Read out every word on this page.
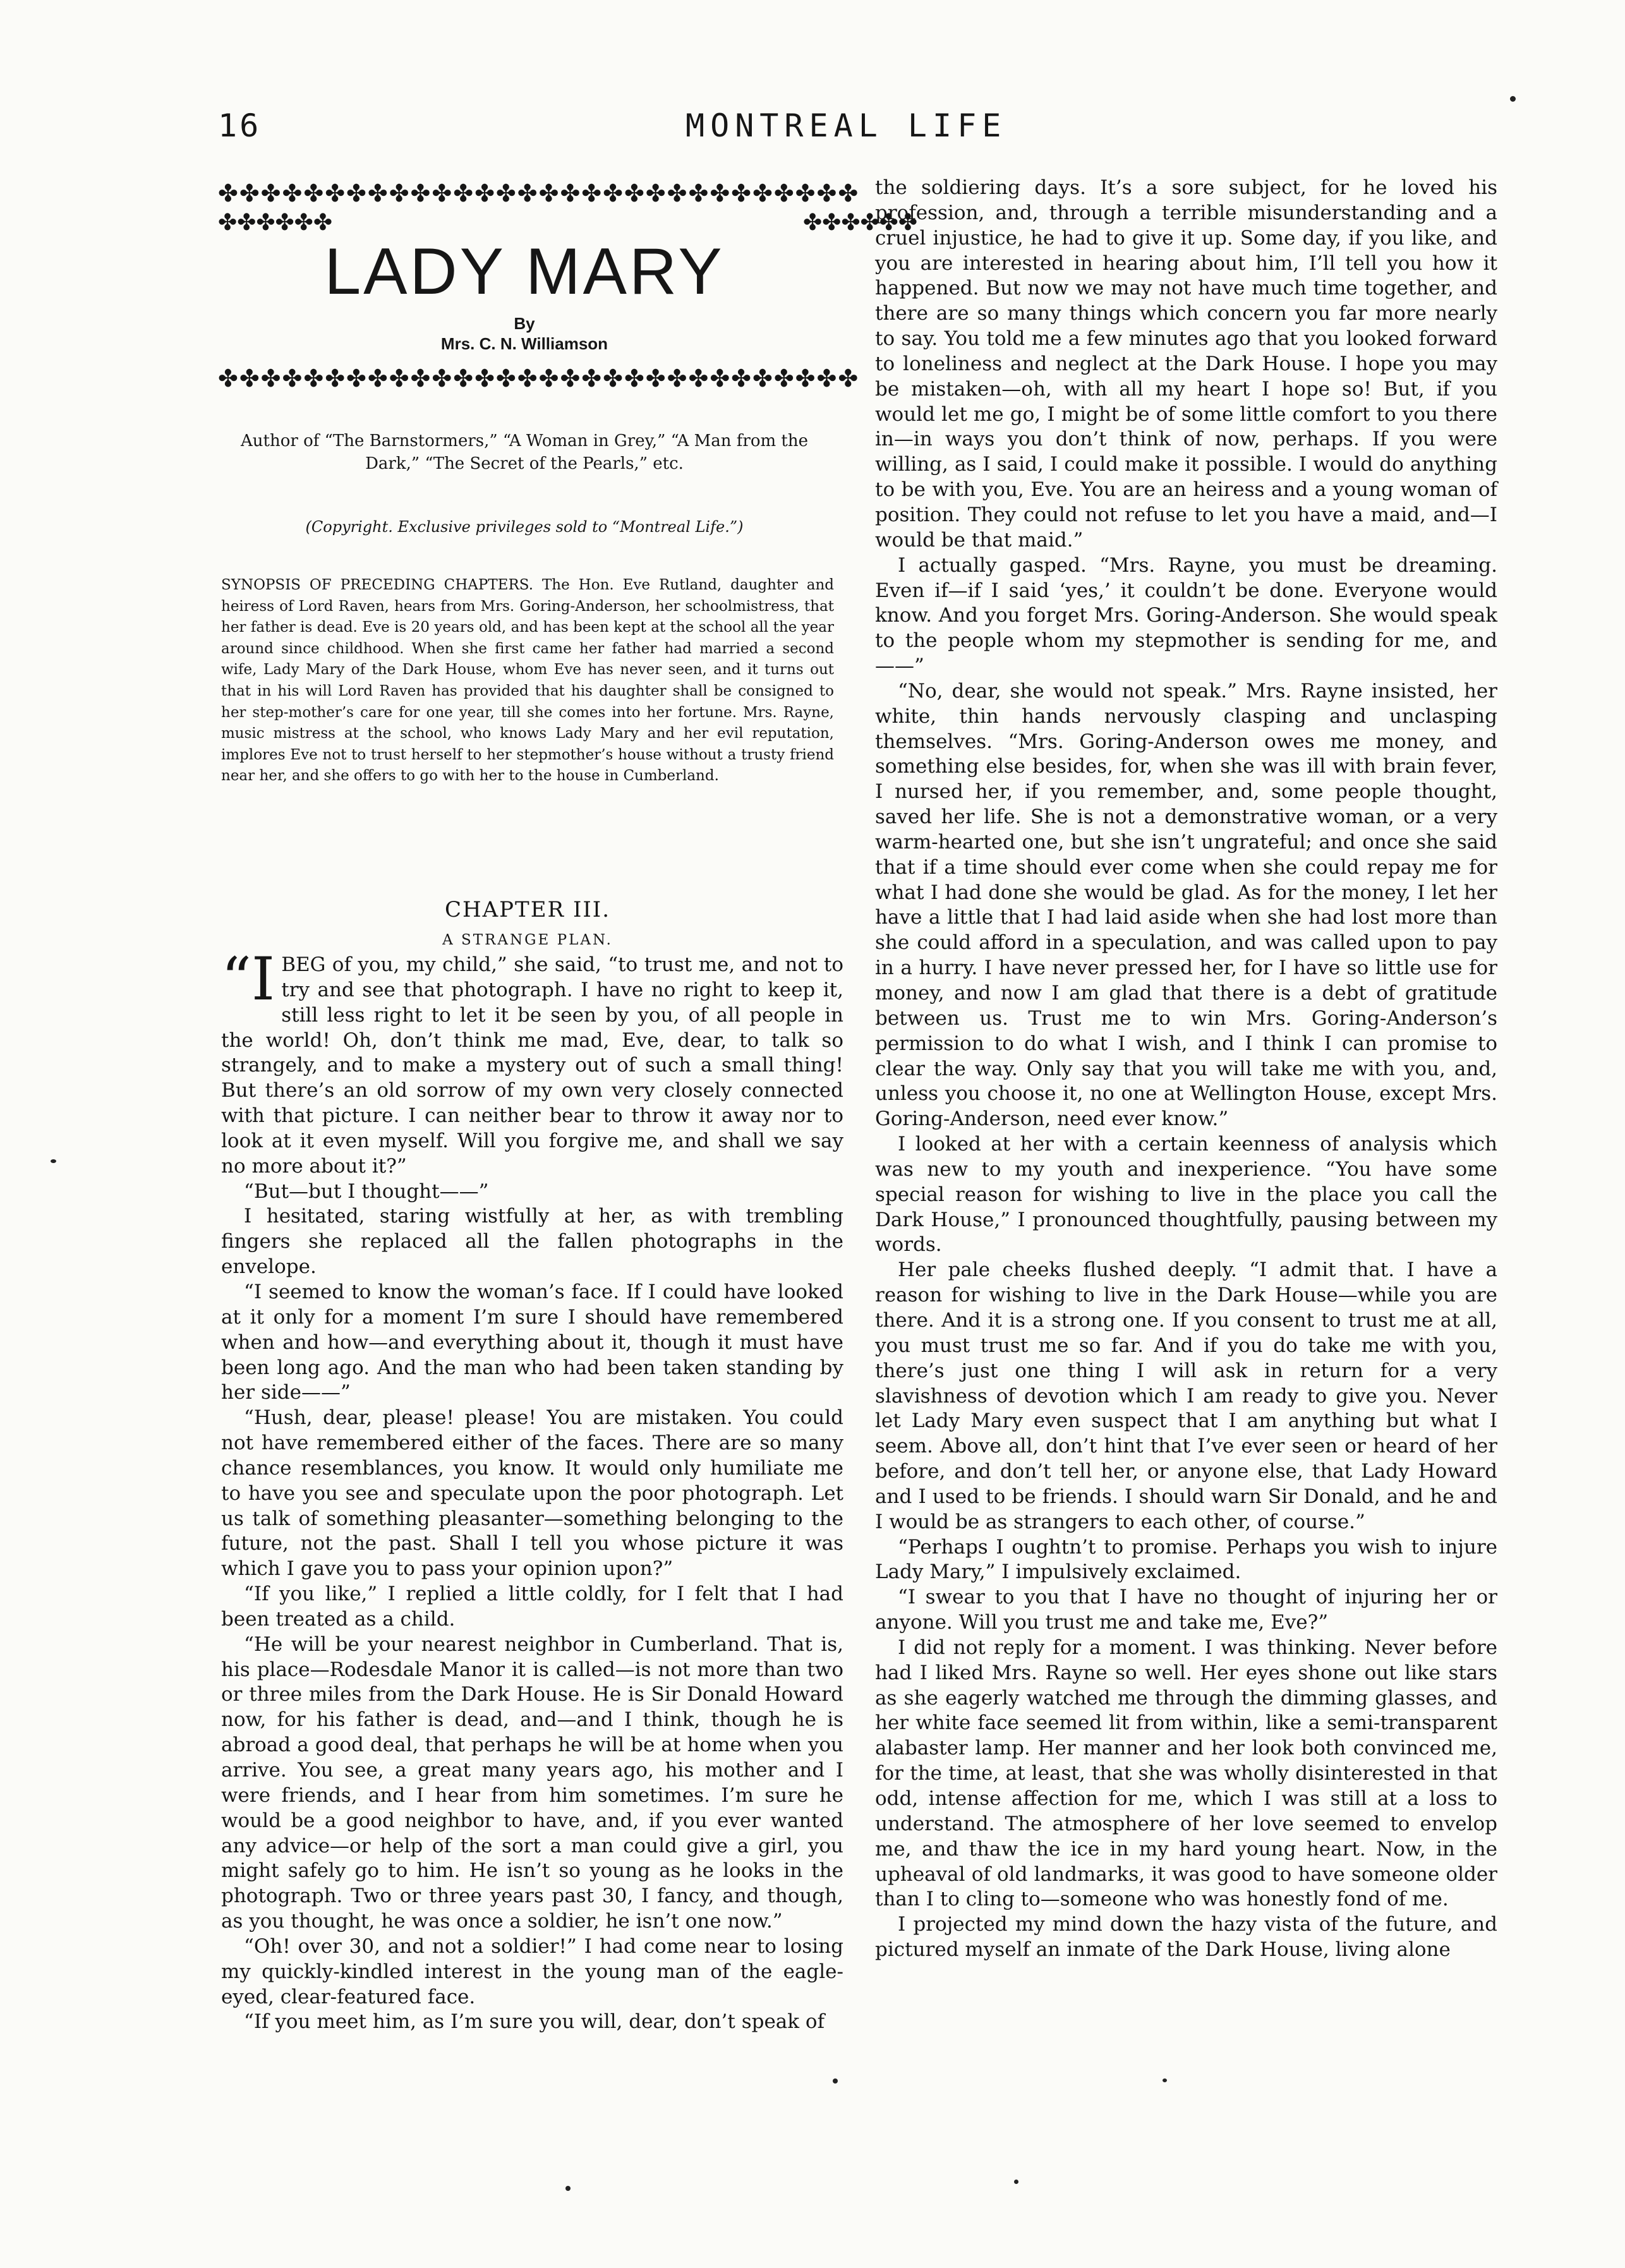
16	MONTREAL LIFE
✤✤✤✤✤✤✤✤✤✤✤✤✤✤✤✤✤✤✤✤✤✤✤✤✤✤✤✤✤✤
✤✤✤✤✤✤	✤✤✤✤✤✤
LADY MARY
By
Mrs. C. N. Williamson
✤✤✤✤✤✤✤✤✤✤✤✤✤✤✤✤✤✤✤✤✤✤✤✤✤✤✤✤✤✤
Author of “The Barnstormers,” “A Woman in Grey,” “A Man from the Dark,” “The Secret of the Pearls,” etc.
(Copyright. Exclusive privileges sold to “Montreal Life.”)
SYNOPSIS OF PRECEDING CHAPTERS. The Hon. Eve Rutland, daughter and heiress of Lord Raven, hears from Mrs. Goring-Anderson, her schoolmistress, that her father is dead. Eve is 20 years old, and has been kept at the school all the year around since childhood. When she first came her father had married a second wife, Lady Mary of the Dark House, whom Eve has never seen, and it turns out that in his will Lord Raven has provided that his daughter shall be consigned to her step-mother’s care for one year, till she comes into her fortune. Mrs. Rayne, music mistress at the school, who knows Lady Mary and her evil reputation, implores Eve not to trust herself to her stepmother’s house without a trusty friend near her, and she offers to go with her to the house in Cumberland.
CHAPTER III.
A STRANGE PLAN.

“IBEG of you, my child,” she said, “to trust me, and not to try and see that photograph. I have no right to keep it, still less right to let it be seen by you, of all people in the world! Oh, don’t think me mad, Eve, dear, to talk so strangely, and to make a mystery out of such a small thing! But there’s an old sorrow of my own very closely connected with that picture. I can neither bear to throw it away nor to look at it even myself. Will you forgive me, and shall we say no more about it?”

“But—but I thought——”

I hesitated, staring wistfully at her, as with trembling fingers she replaced all the fallen photographs in the envelope.

“I seemed to know the woman’s face. If I could have looked at it only for a moment I’m sure I should have remembered when and how—and everything about it, though it must have been long ago. And the man who had been taken standing by her side——”

“Hush, dear, please! please! You are mistaken. You could not have remembered either of the faces. There are so many chance resemblances, you know. It would only humiliate me to have you see and speculate upon the poor photograph. Let us talk of something pleasanter—something belonging to the future, not the past. Shall I tell you whose picture it was which I gave you to pass your opinion upon?”

“If you like,” I replied a little coldly, for I felt that I had been treated as a child.

“He will be your nearest neighbor in Cumberland. That is, his place—Rodesdale Manor it is called—is not more than two or three miles from the Dark House. He is Sir Donald Howard now, for his father is dead, and—and I think, though he is abroad a good deal, that perhaps he will be at home when you arrive. You see, a great many years ago, his mother and I were friends, and I hear from him sometimes. I’m sure he would be a good neighbor to have, and, if you ever wanted any advice—or help of the sort a man could give a girl, you might safely go to him. He isn’t so young as he looks in the photograph. Two or three years past 30, I fancy, and though, as you thought, he was once a soldier, he isn’t one now.”

“Oh! over 30, and not a soldier!” I had come near to losing my quickly-kindled interest in the young man of the eagle-eyed, clear-featured face.

“If you meet him, as I’m sure you will, dear, don’t speak of

the soldiering days. It’s a sore subject, for he loved his profession, and, through a terrible misunderstanding and a cruel injustice, he had to give it up. Some day, if you like, and you are interested in hearing about him, I’ll tell you how it happened. But now we may not have much time together, and there are so many things which concern you far more nearly to say. You told me a few minutes ago that you looked forward to loneliness and neglect at the Dark House. I hope you may be mistaken—oh, with all my heart I hope so! But, if you would let me go, I might be of some little comfort to you there in—in ways you don’t think of now, perhaps. If you were willing, as I said, I could make it possible. I would do anything to be with you, Eve. You are an heiress and a young woman of position. They could not refuse to let you have a maid, and—I would be that maid.”

I actually gasped. “Mrs. Rayne, you must be dreaming. Even if—if I said ‘yes,’ it couldn’t be done. Everyone would know. And you forget Mrs. Goring-Anderson. She would speak to the people whom my stepmother is sending for me, and——”

“No, dear, she would not speak.” Mrs. Rayne insisted, her white, thin hands nervously clasping and unclasping themselves. “Mrs. Goring-Anderson owes me money, and something else besides, for, when she was ill with brain fever, I nursed her, if you remember, and, some people thought, saved her life. She is not a demonstrative woman, or a very warm-hearted one, but she isn’t ungrateful; and once she said that if a time should ever come when she could repay me for what I had done she would be glad. As for the money, I let her have a little that I had laid aside when she had lost more than she could afford in a speculation, and was called upon to pay in a hurry. I have never pressed her, for I have so little use for money, and now I am glad that there is a debt of gratitude between us. Trust me to win Mrs. Goring-Anderson’s permission to do what I wish, and I think I can promise to clear the way. Only say that you will take me with you, and, unless you choose it, no one at Wellington House, except Mrs. Goring-Anderson, need ever know.”

I looked at her with a certain keenness of analysis which was new to my youth and inexperience. “You have some special reason for wishing to live in the place you call the Dark House,” I pronounced thoughtfully, pausing between my words.

Her pale cheeks flushed deeply. “I admit that. I have a reason for wishing to live in the Dark House—while you are there. And it is a strong one. If you consent to trust me at all, you must trust me so far. And if you do take me with you, there’s just one thing I will ask in return for a very slavishness of devotion which I am ready to give you. Never let Lady Mary even suspect that I am anything but what I seem. Above all, don’t hint that I’ve ever seen or heard of her before, and don’t tell her, or anyone else, that Lady Howard and I used to be friends. I should warn Sir Donald, and he and I would be as strangers to each other, of course.”

“Perhaps I oughtn’t to promise. Perhaps you wish to injure Lady Mary,” I impulsively exclaimed.

“I swear to you that I have no thought of injuring her or anyone. Will you trust me and take me, Eve?”

I did not reply for a moment. I was thinking. Never before had I liked Mrs. Rayne so well. Her eyes shone out like stars as she eagerly watched me through the dimming glasses, and her white face seemed lit from within, like a semi-transparent alabaster lamp. Her manner and her look both convinced me, for the time, at least, that she was wholly disinterested in that odd, intense affection for me, which I was still at a loss to understand. The atmosphere of her love seemed to envelop me, and thaw the ice in my hard young heart. Now, in the upheaval of old landmarks, it was good to have someone older than I to cling to—someone who was honestly fond of me.

I projected my mind down the hazy vista of the future, and pictured myself an inmate of the Dark House, living alone
